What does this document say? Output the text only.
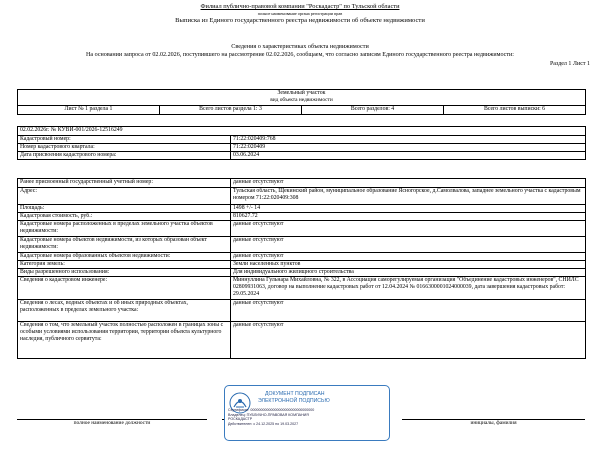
Филиал публично-правовой компании "Роскадастр" по Тульской области
полное наименование органа регистрации прав
Выписка из Единого государственного реестра недвижимости об объекте недвижимости
Сведения о характеристиках объекта недвижимости
На основании запроса от 02.02.2026, поступившего на рассмотрение 02.02.2026, сообщаем, что согласно записям Единого государственного реестра недвижимости:
Раздел 1 Лист 1
Земельный участок
вид объекта недвижимости
Лист № 1 раздела 1	Всего листов раздела 1: 3	Всего разделов: 4	Всего листов выписки: 6
02.02.2026г. № КУВИ-001/2026-12516249	
Кадастровый номер:	71:22:020409:768
Номер кадастрового квартала:	71:22:020409
Дата присвоения кадастрового номера:	03.06.2024
Ранее присвоенный государственный учетный номер:	данные отсутствуют
Адрес:	Тульская область, Щекинский район, муниципальное образование Ясногорское, д.Самолвалова, западнее земельного участка с кадастровым номером 71:22:020409:308
Площадь:	1498 +/- 14
Кадастровая стоимость, руб.:	810627.72
Кадастровые номера расположенных в пределах земельного участка объектов недвижимости:	данные отсутствуют
Кадастровые номера объектов недвижимости, из которых образован объект недвижимости:	данные отсутствуют
Кадастровые номера образованных объектов недвижимости:	данные отсутствуют
Категория земель:	Земли населенных пунктов
Виды разрешенного использования:	Для индивидуального жилищного строительства
Сведения о кадастровом инженере:	Миннуллина Гульнара Михайловна, № 322, в Ассоциация саморегулируемая организация "Объединение кадастровых инженеров", СНИЛС 02809931063, договор на выполнение кадастровых работ от 12.04.2024 № 0166300001024000039, дата завершения кадастровых работ: 29.05.2024
Сведения о лесах, водных объектах и об иных природных объектах, расположенных в пределах земельного участка:	данные отсутствуют
Сведения о том, что земельный участок полностью расположен в границах зоны с особыми условиями использования территории, территории объекта культурного наследия, публичного сервитута:	данные отсутствуют
полное наименование должности	инициалы, фамилия
ДОКУМЕНТ ПОДПИСАН
ЭЛЕКТРОННОЙ ПОДПИСЬЮ
Сертификат: 00000000000000000000000000000000
Владелец: ПУБЛИЧНО-ПРАВОВАЯ КОМПАНИЯ
РОСКАДАСТР
Действителен: с 24.12.2025 по 19.03.2027
